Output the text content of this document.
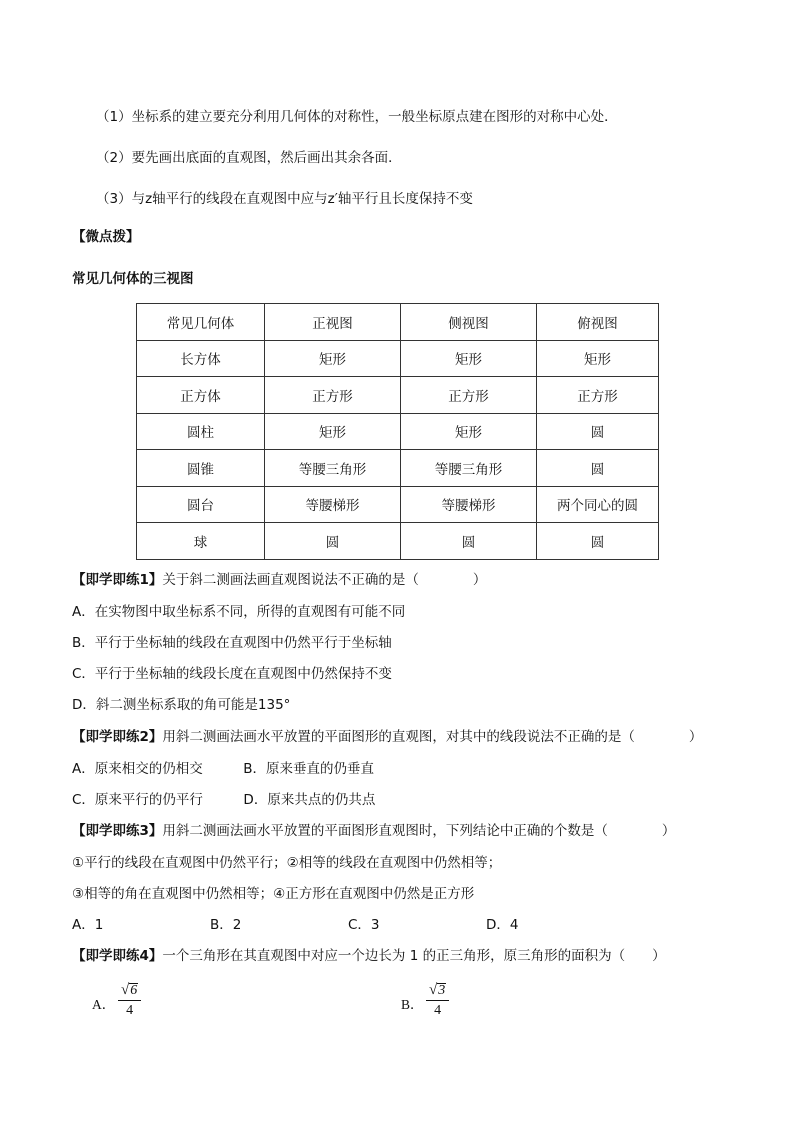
（1）坐标系的建立要充分利用几何体的对称性，一般坐标原点建在图形的对称中心处．
（2）要先画出底面的直观图，然后画出其余各面．
（3）与z轴平行的线段在直观图中应与z′轴平行且长度保持不变
【微点拨】
常见几何体的三视图
常见几何体	正视图	侧视图	俯视图
长方体	矩形	矩形	矩形
正方体	正方形	正方形	正方形
圆柱	矩形	矩形	圆
圆锥	等腰三角形	等腰三角形	圆
圆台	等腰梯形	等腰梯形	两个同心的圆
球	圆	圆	圆
【即学即练1】关于斜二测画法画直观图说法不正确的是（　　　　）
A．在实物图中取坐标系不同，所得的直观图有可能不同
B．平行于坐标轴的线段在直观图中仍然平行于坐标轴
C．平行于坐标轴的线段长度在直观图中仍然保持不变
D．斜二测坐标系取的角可能是135°
【即学即练2】用斜二测画法画水平放置的平面图形的直观图，对其中的线段说法不正确的是（　　　　）
A．原来相交的仍相交　　　B．原来垂直的仍垂直
C．原来平行的仍平行　　　D．原来共点的仍共点
【即学即练3】用斜二测画法画水平放置的平面图形直观图时，下列结论中正确的个数是（　　　　）
①平行的线段在直观图中仍然平行；②相等的线段在直观图中仍然相等；
③相等的角在直观图中仍然相等；④正方形在直观图中仍然是正方形
A．1	B．2	C．3	D．4
【即学即练4】一个三角形在其直观图中对应一个边长为 1 的正三角形，原三角形的面积为（　　）
A． $\frac{√ 6}{4}$	B． $\frac{√ 3}{4}$
